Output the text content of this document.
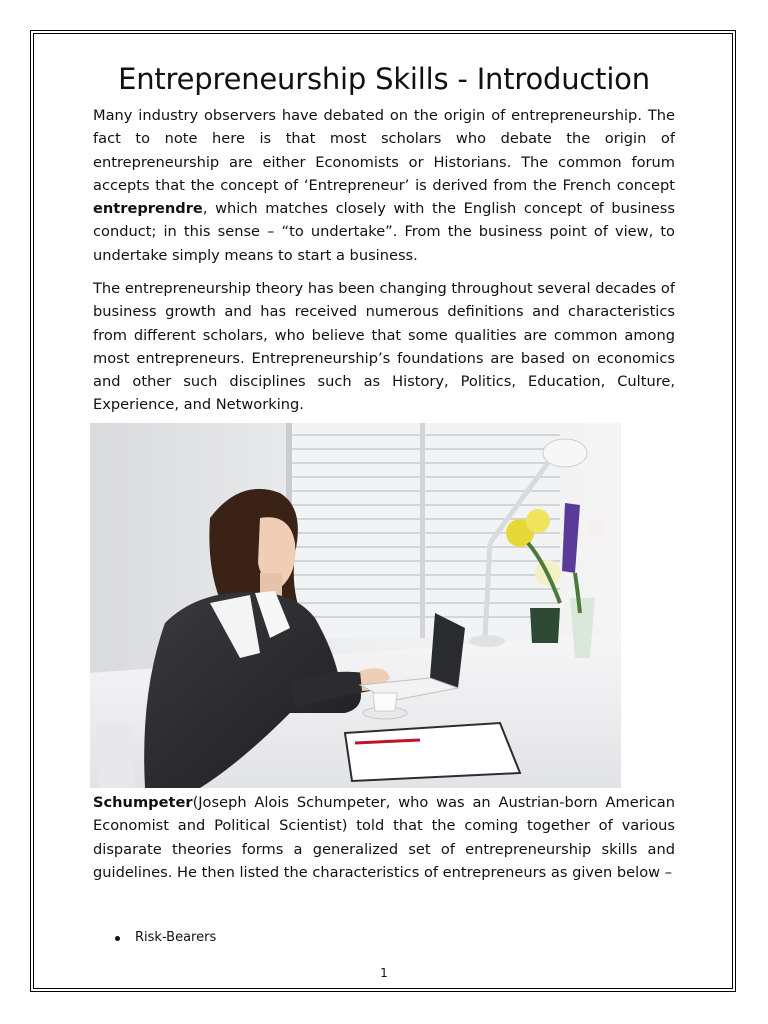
Entrepreneurship Skills - Introduction

Many industry observers have debated on the origin of entrepreneurship. The fact to note here is that most scholars who debate the origin of entrepreneurship are either Economists or Historians. The common forum accepts that the concept of ‘Entrepreneur’ is derived from the French concept entreprendre, which matches closely with the English concept of business conduct; in this sense – “to undertake”. From the business point of view, to undertake simply means to start a business.

The entrepreneurship theory has been changing throughout several decades of business growth and has received numerous definitions and characteristics from different scholars, who believe that some qualities are common among most entrepreneurs. Entrepreneurship’s foundations are based on economics and other such disciplines such as History, Politics, Education, Culture, Experience, and Networking.

Schumpeter(Joseph Alois Schumpeter, who was an Austrian-born American Economist and Political Scientist) told that the coming together of various disparate theories forms a generalized set of entrepreneurship skills and guidelines. He then listed the characteristics of entrepreneurs as given below –

Risk-Bearers
1
